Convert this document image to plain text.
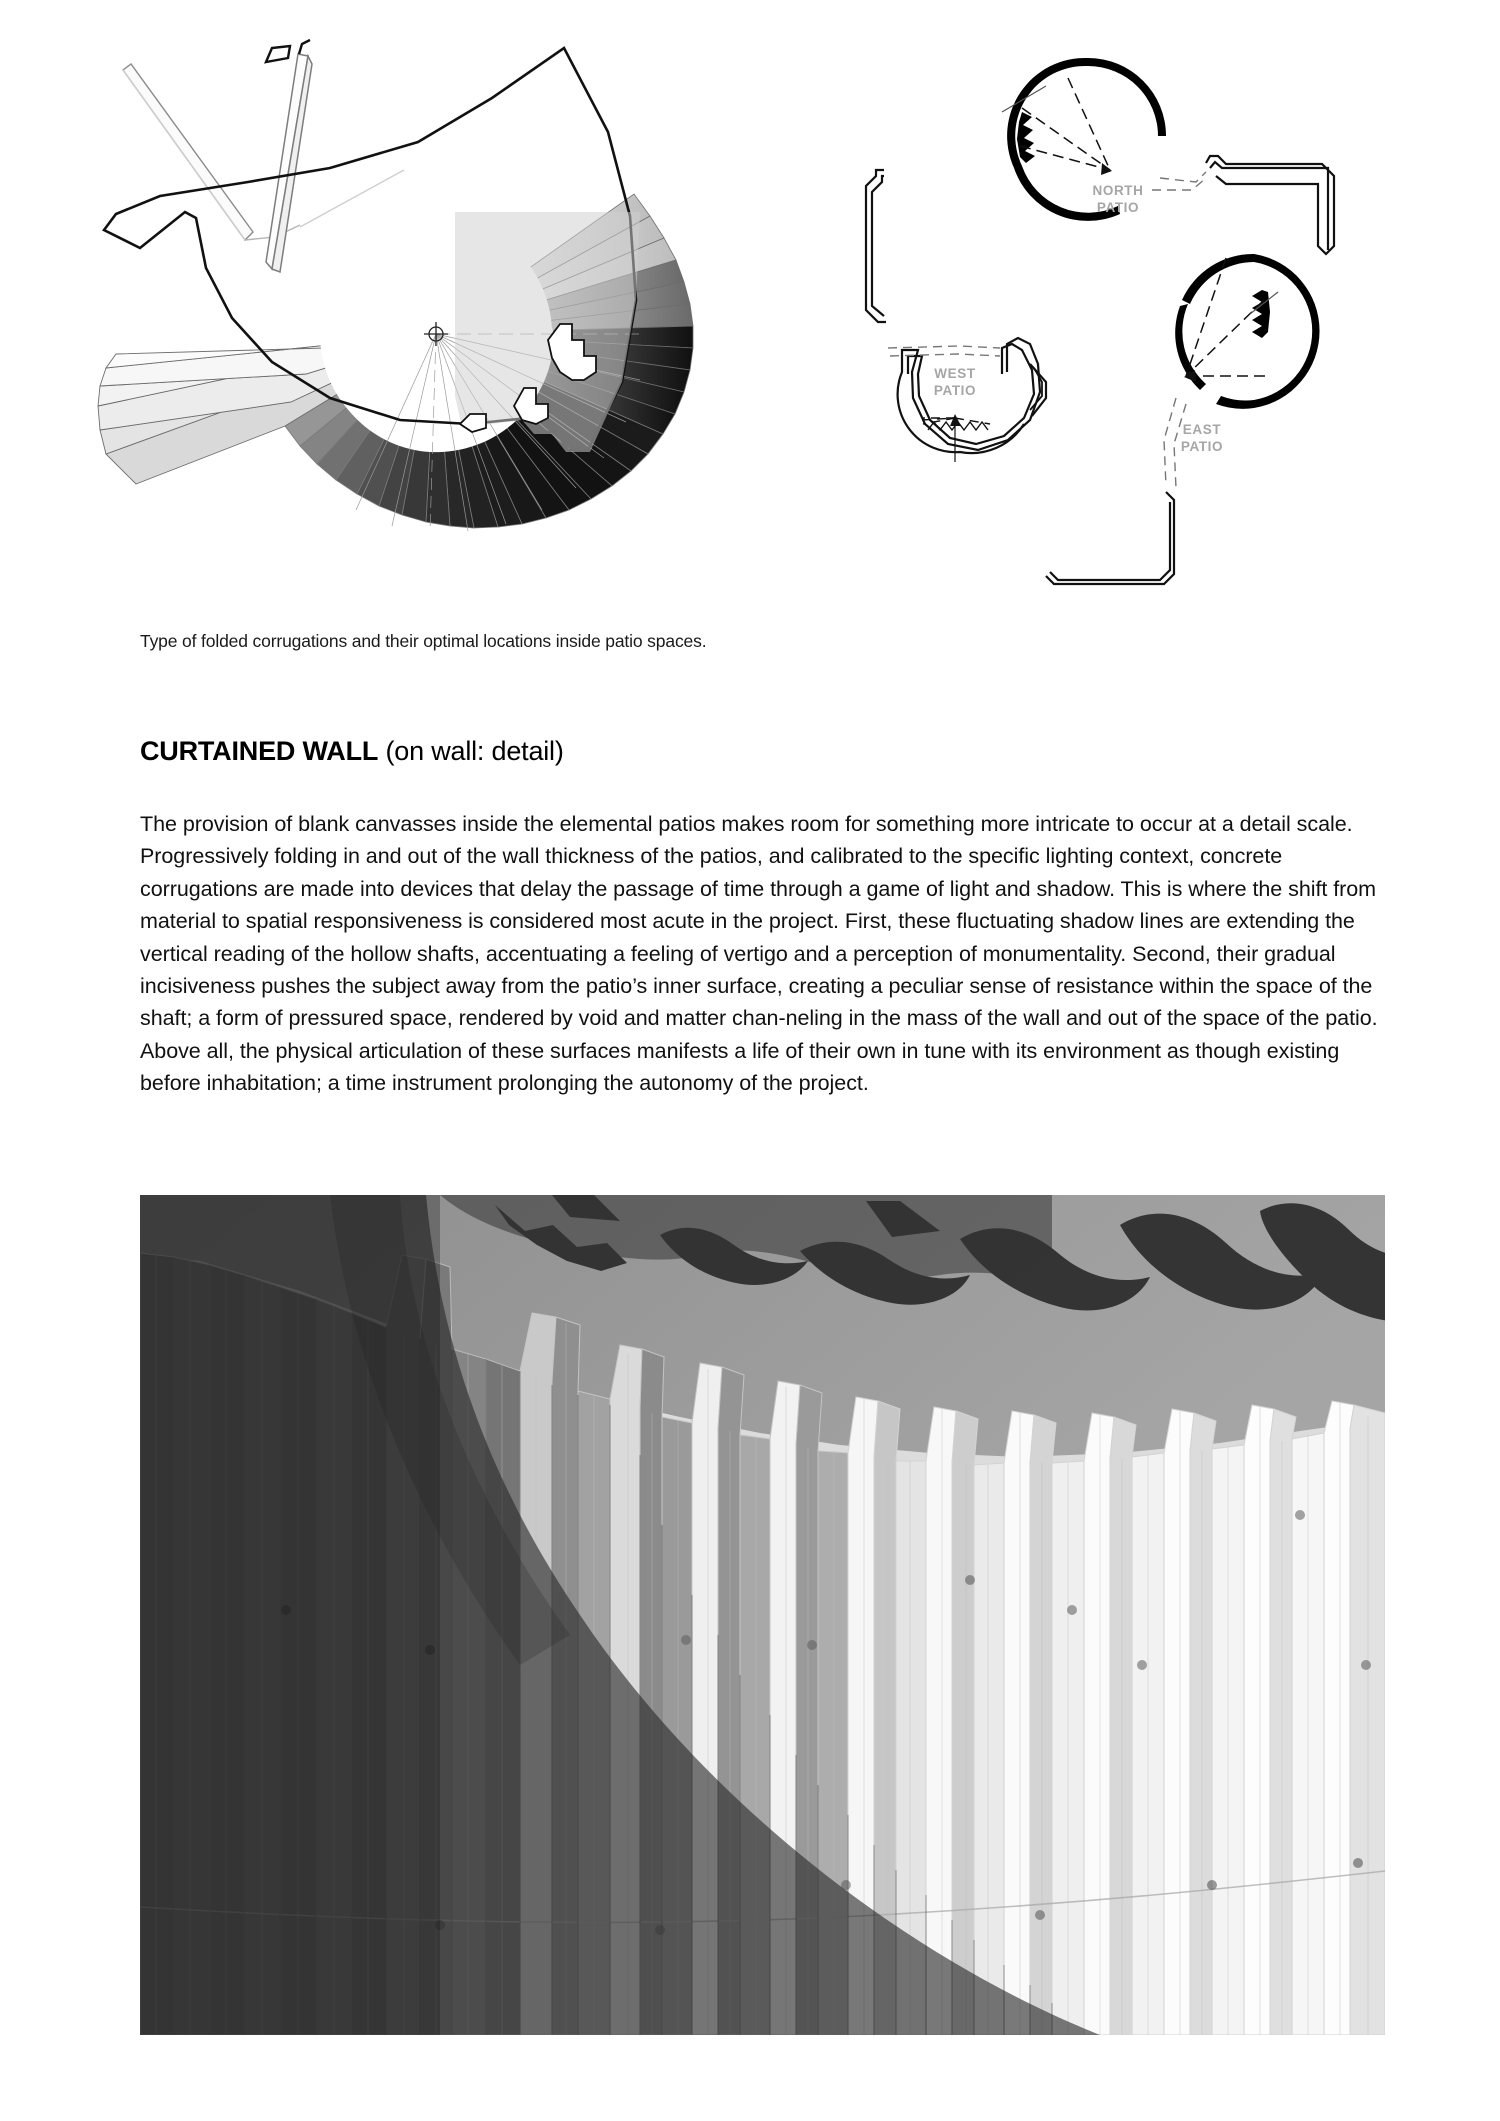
NORTH
PATIO
WEST
PATIO
EAST
PATIO
Type of folded corrugations and their optimal locations inside patio spaces.
CURTAINED WALL (on wall: detail)

The provision of blank canvasses inside the elemental patios makes room for something more intricate to occur at a detail scale. Progressively folding in and out of the wall thickness of the patios, and calibrated to the specific lighting context, concrete corrugations are made into devices that delay the passage of time through a game of light and shadow. This is where the shift from material to spatial responsiveness is considered most acute in the project. First, these fluctuating shadow lines are extending the vertical reading of the hollow shafts, accentuating a feeling of vertigo and a perception of monumentality. Second, their gradual incisiveness pushes the subject away from the patio’s inner surface, creating a peculiar sense of resistance within the space of the shaft; a form of pressured space, rendered by void and matter chan-neling in the mass of the wall and out of the space of the patio. Above all, the physical articulation of these surfaces manifests a life of their own in tune with its environment as though existing before inhabitation; a time instrument prolonging the autonomy of the project.
